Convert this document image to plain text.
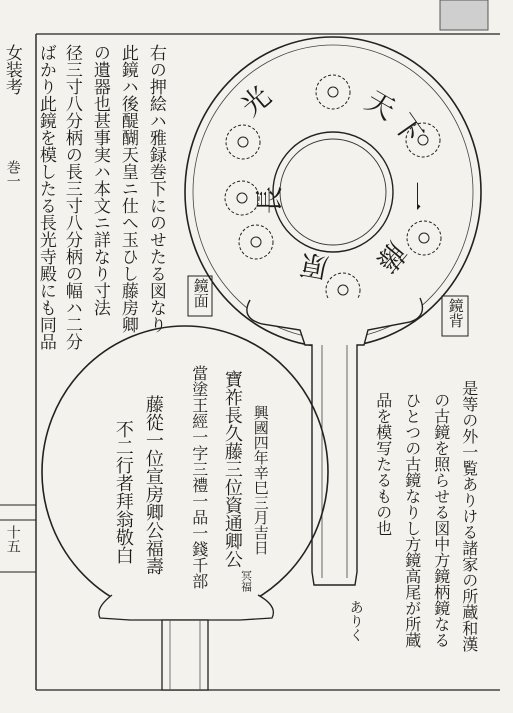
女装考
巻一
十五
天
下
一
藤
原
光
長
鏡背
鏡面
興國四年辛巳三月吉日
寶祚長久藤三位資通卿公
當塗王經一字三禮一品一錢千部
藤從一位宣房卿公福壽
不二行者拜翁敬白
冥福
右の押絵ハ雅録巻下にのせたる図なり
此鏡ハ後醍醐天皇ニ仕へ玉ひし藤房卿
の遺器也甚事実ハ本文ニ詳なり寸法
径三寸八分柄の長三寸八分柄の幅ハ二分
ばかり此鏡を模したる長光寺殿にも同品
是等の外一覧ありける諸家の所蔵和漢
の古鏡を照らせる図中方鏡柄鏡なる
ひとつの古鏡なりし方鏡高尾が所蔵
品を模写たるもの也
ありく
